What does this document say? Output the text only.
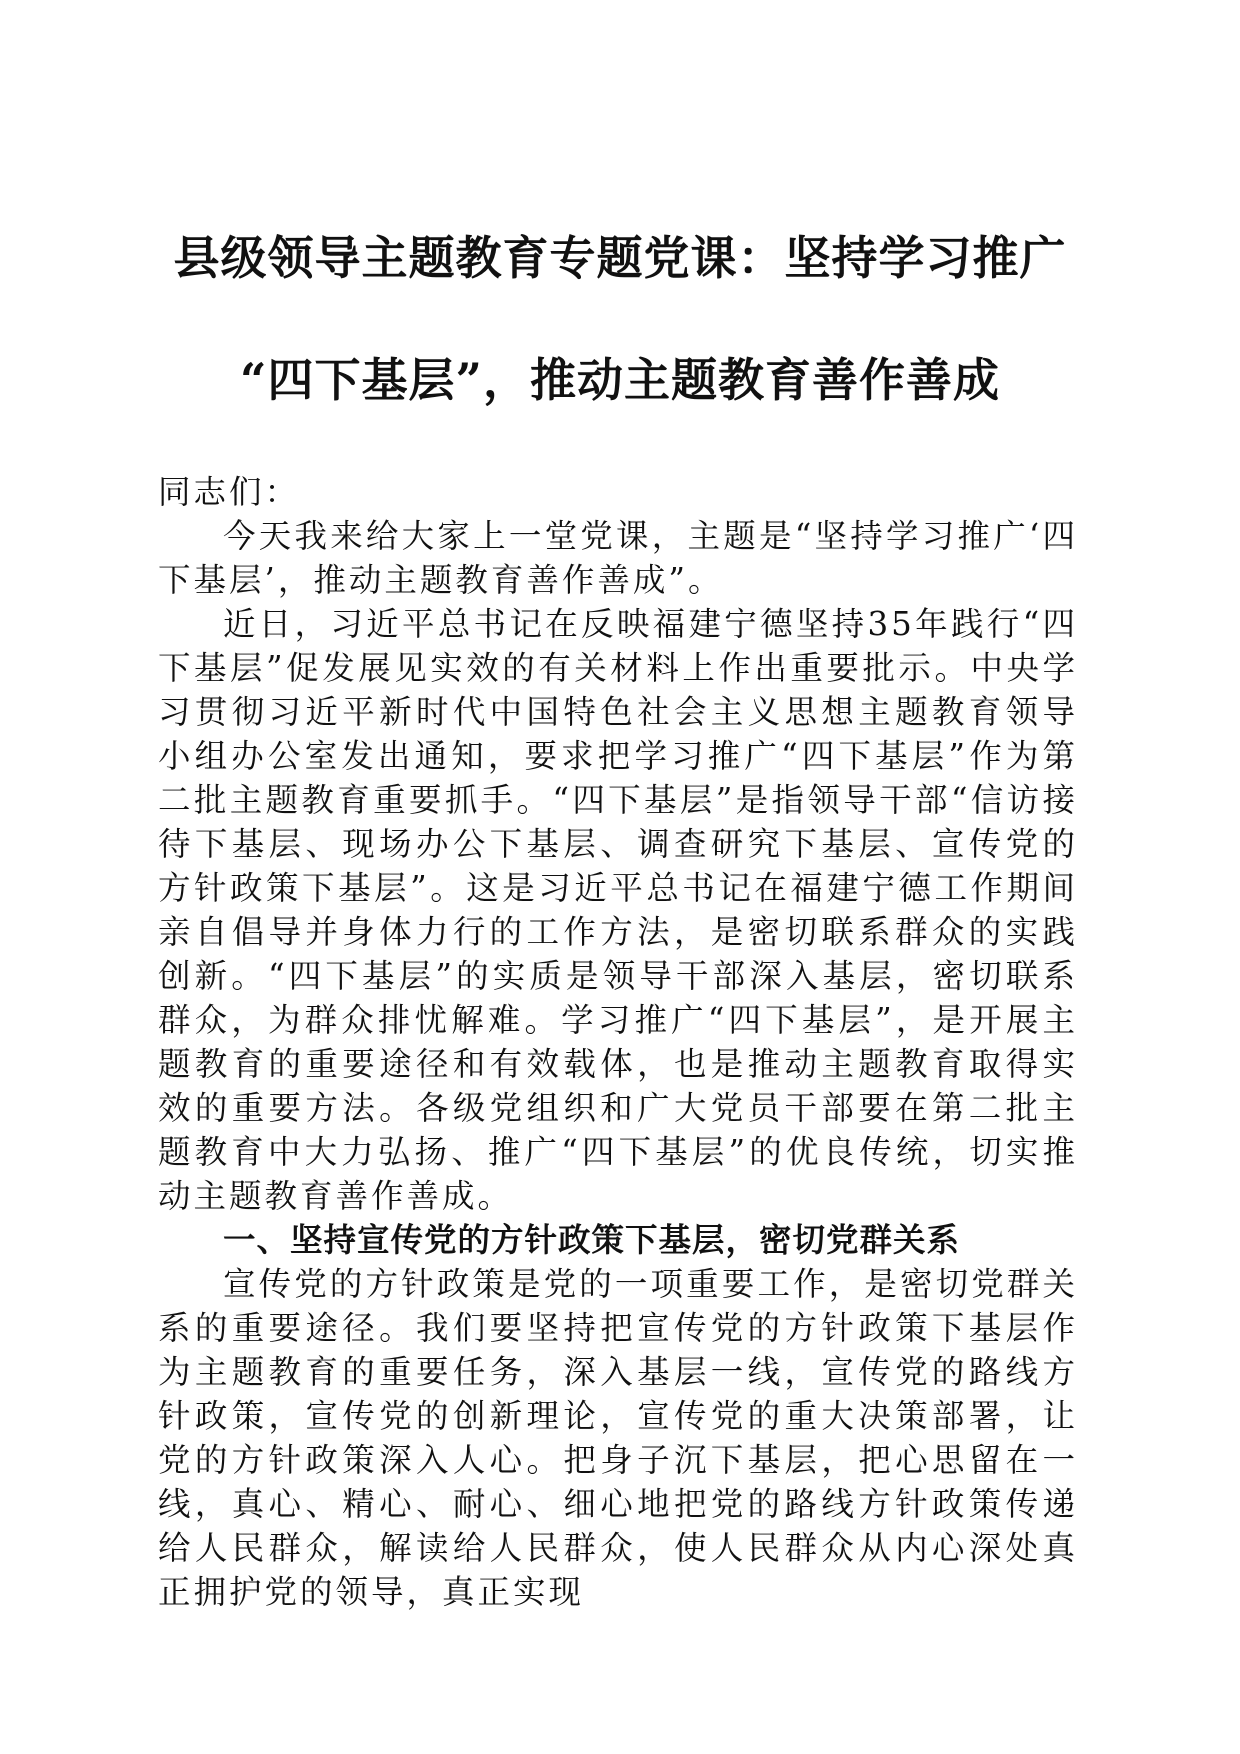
县级领导主题教育专题党课：坚持学习推广
“四下基层”，推动主题教育善作善成

同志们：

今天我来给大家上一堂党课，主题是“坚持学习推广‘四下基层’，推动主题教育善作善成”。

近日，习近平总书记在反映福建宁德坚持35年践行“四下基层”促发展见实效的有关材料上作出重要批示。中央学习贯彻习近平新时代中国特色社会主义思想主题教育领导小组办公室发出通知，要求把学习推广“四下基层”作为第二批主题教育重要抓手。“四下基层”是指领导干部“信访接待下基层、现场办公下基层、调查研究下基层、宣传党的方针政策下基层”。这是习近平总书记在福建宁德工作期间亲自倡导并身体力行的工作方法，是密切联系群众的实践创新。“四下基层”的实质是领导干部深入基层，密切联系群众，为群众排忧解难。学习推广“四下基层”，是开展主题教育的重要途径和有效载体，也是推动主题教育取得实效的重要方法。各级党组织和广大党员干部要在第二批主题教育中大力弘扬、推广“四下基层”的优良传统，切实推动主题教育善作善成。

一、坚持宣传党的方针政策下基层，密切党群关系

宣传党的方针政策是党的一项重要工作，是密切党群关系的重要途径。我们要坚持把宣传党的方针政策下基层作为主题教育的重要任务，深入基层一线，宣传党的路线方针政策，宣传党的创新理论，宣传党的重大决策部署，让党的方针政策深入人心。把身子沉下基层，把心思留在一线，真心、精心、耐心、细心地把党的路线方针政策传递给人民群众，解读给人民群众，使人民群众从内心深处真正拥护党的领导，真正实现
